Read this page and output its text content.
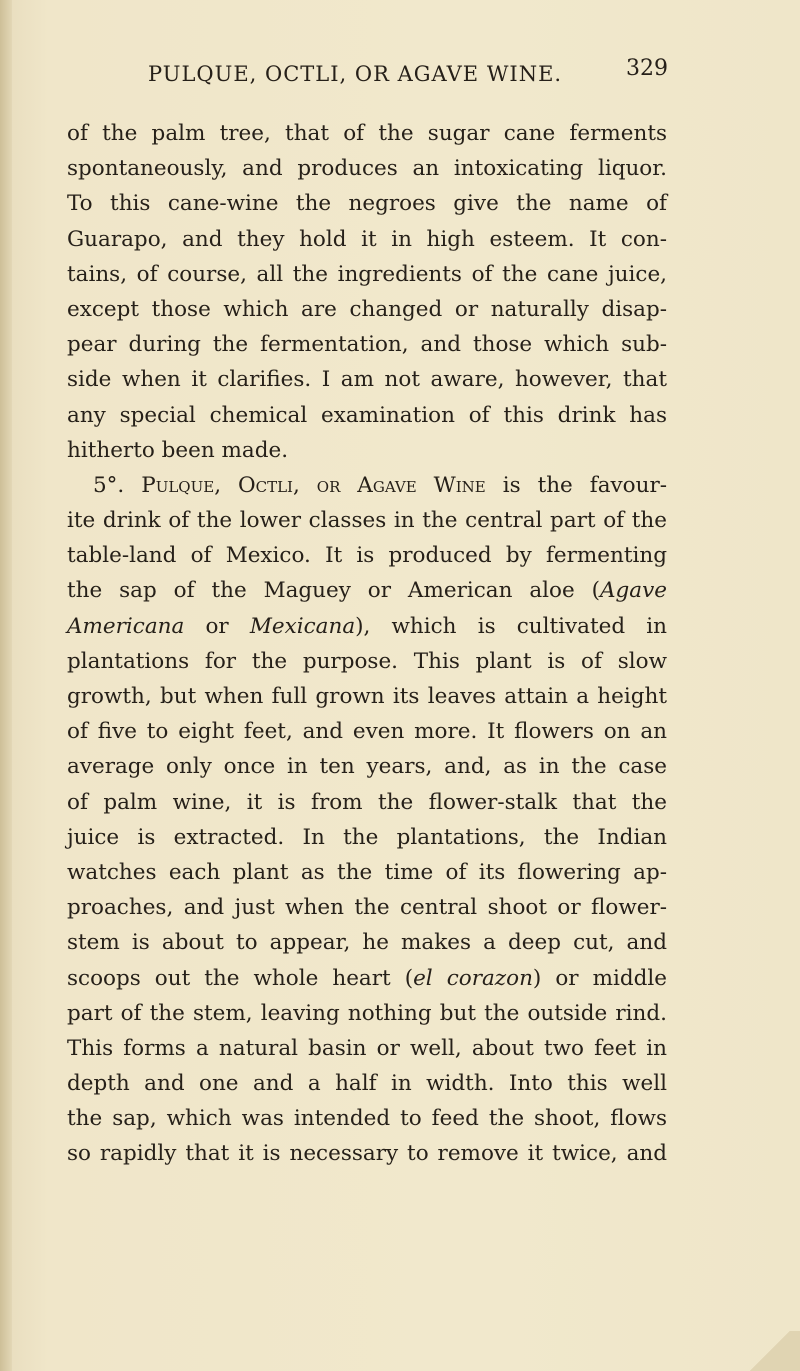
PULQUE, OCTLI, OR AGAVE WINE.	329
of the palm tree, that of the sugar cane ferments
spontaneously, and produces an intoxicating liquor.
To this cane-wine the negroes give the name of
Guarapo, and they hold it in high esteem. It con-
tains, of course, all the ingredients of the cane juice,
except those which are changed or naturally disap-
pear during the fermentation, and those which sub-
side when it clarifies. I am not aware, however, that
any special chemical examination of this drink has
hitherto been made.
5°. Pulque, Octli, or Agave Wine is the favour-
ite drink of the lower classes in the central part of the
table-land of Mexico. It is produced by fermenting
the sap of the Maguey or American aloe (Agave
Americana or Mexicana), which is cultivated in
plantations for the purpose. This plant is of slow
growth, but when full grown its leaves attain a height
of five to eight feet, and even more. It flowers on an
average only once in ten years, and, as in the case
of palm wine, it is from the flower-stalk that the
juice is extracted. In the plantations, the Indian
watches each plant as the time of its flowering ap-
proaches, and just when the central shoot or flower-
stem is about to appear, he makes a deep cut, and
scoops out the whole heart (el corazon) or middle
part of the stem, leaving nothing but the outside rind.
This forms a natural basin or well, about two feet in
depth and one and a half in width. Into this well
the sap, which was intended to feed the shoot, flows
so rapidly that it is necessary to remove it twice, and
